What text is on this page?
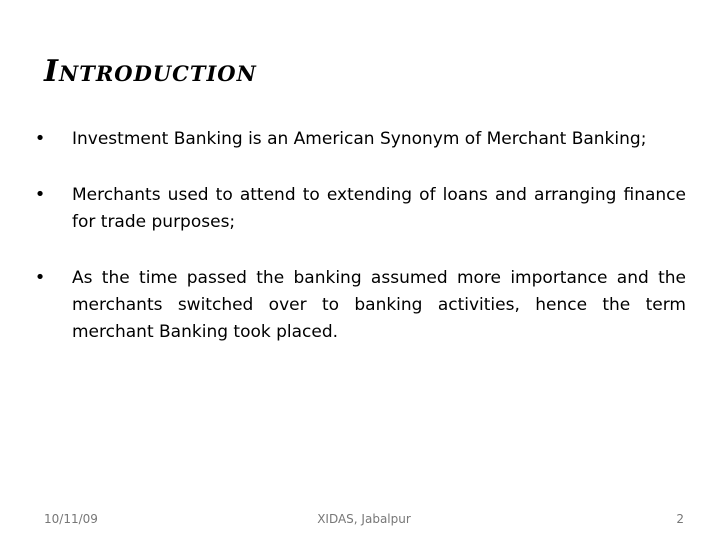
Introduction
• Investment Banking is an American Synonym of Merchant Banking;
• Merchants used to attend to extending of loans and arranging finance for trade purposes;
• As the time passed the banking assumed more importance and the merchants switched over to banking activities, hence the term merchant Banking took placed.
10/11/09	XIDAS, Jabalpur	2
